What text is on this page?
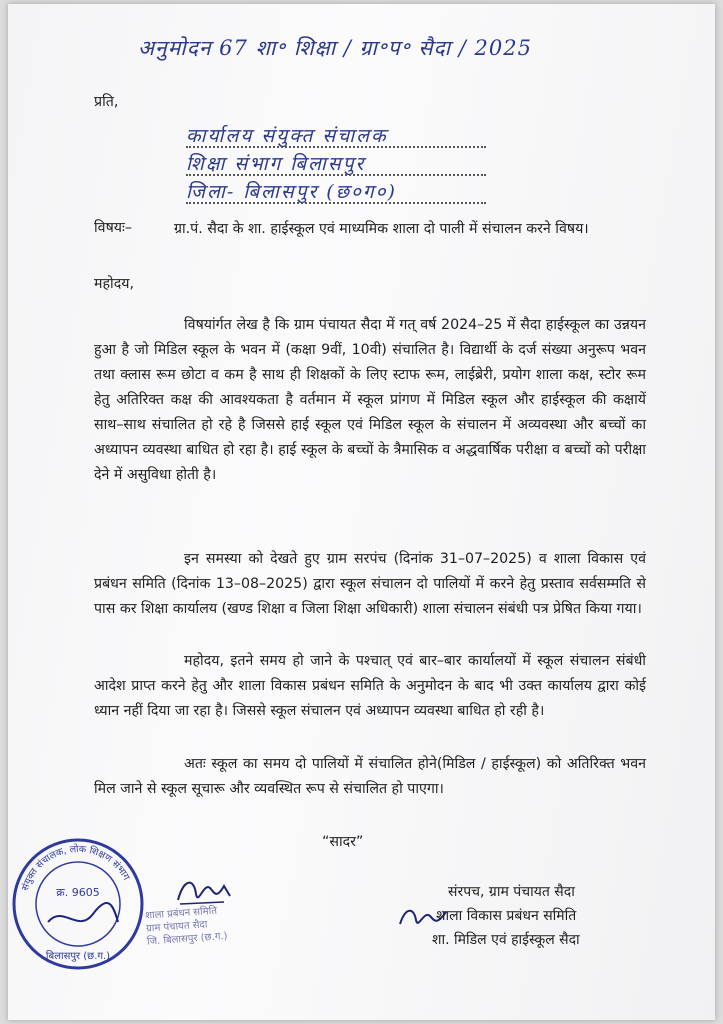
अनुमोदन 67 शा॰ शिक्षा / ग्रा॰प॰ सैदा / 2025
प्रति,
कार्यालय संयुक्त संचालक
शिक्षा संभाग बिलासपुर
जिला- बिलासपुर (छ०ग०)
विषयः–	ग्रा.पं. सैदा के शा. हाईस्कूल एवं माध्यमिक शाला दो पाली में संचालन करने विषय।
महोदय,
विषयांर्गत लेख है कि ग्राम पंचायत सैदा में गत् वर्ष 2024–25 में सैदा हाईस्कूल का उन्नयन हुआ है जो मिडिल स्कूल के भवन में (कक्षा 9वीं, 10वी) संचालित है। विद्यार्थी के दर्ज संख्या अनुरूप भवन तथा क्लास रूम छोटा व कम है साथ ही शिक्षकों के लिए स्टाफ रूम, लाईब्रेरी, प्रयोग शाला कक्ष, स्टोर रूम हेतु अतिरिक्त कक्ष की आवश्यकता है वर्तमान में स्कूल प्रांगण में मिडिल स्कूल और हाईस्कूल की कक्षायें साथ–साथ संचालित हो रहे है जिससे हाई स्कूल एवं मिडिल स्कूल के संचालन में अव्यवस्था और बच्चों का अध्यापन व्यवस्था बाधित हो रहा है। हाई स्कूल के बच्चों के त्रैमासिक व अद्धवार्षिक परीक्षा व बच्चों को परीक्षा देने में असुविधा होती है।
इन समस्या को देखते हुए ग्राम सरपंच (दिनांक 31–07–2025) व शाला विकास एवं प्रबंधन समिति (दिनांक 13–08–2025) द्वारा स्कूल संचालन दो पालियों में करने हेतु प्रस्ताव सर्वसम्मति से पास कर शिक्षा कार्यालय (खण्ड शिक्षा व जिला शिक्षा अधिकारी) शाला संचालन संबंधी पत्र प्रेषित किया गया।
महोदय, इतने समय हो जाने के पश्चात् एवं बार–बार कार्यालयों में स्कूल संचालन संबंधी आदेश प्राप्त करने हेतु और शाला विकास प्रबंधन समिति के अनुमोदन के बाद भी उक्त कार्यालय द्वारा कोई ध्यान नहीं दिया जा रहा है। जिससे स्कूल संचालन एवं अध्यापन व्यवस्था बाधित हो रही है।
अतः स्कूल का समय दो पालियों में संचालित होने(मिडिल / हाईस्कूल) को अतिरिक्त भवन मिल जाने से स्कूल सूचारू और व्यवस्थित रूप से संचालित हो पाएगा।
“सादर”
संयुक्त संचालक, लोक शिक्षण संभाग
क्र. 9605
बिलासपुर (छ.ग.)
शाला प्रबंधन समिति
ग्राम पंचायत सैदा
जि. बिलासपुर (छ.ग.)
संरपच, ग्राम पंचायत सैदा
शाला विकास प्रबंधन समिति
शा. मिडिल एवं हाईस्कूल सैदा
